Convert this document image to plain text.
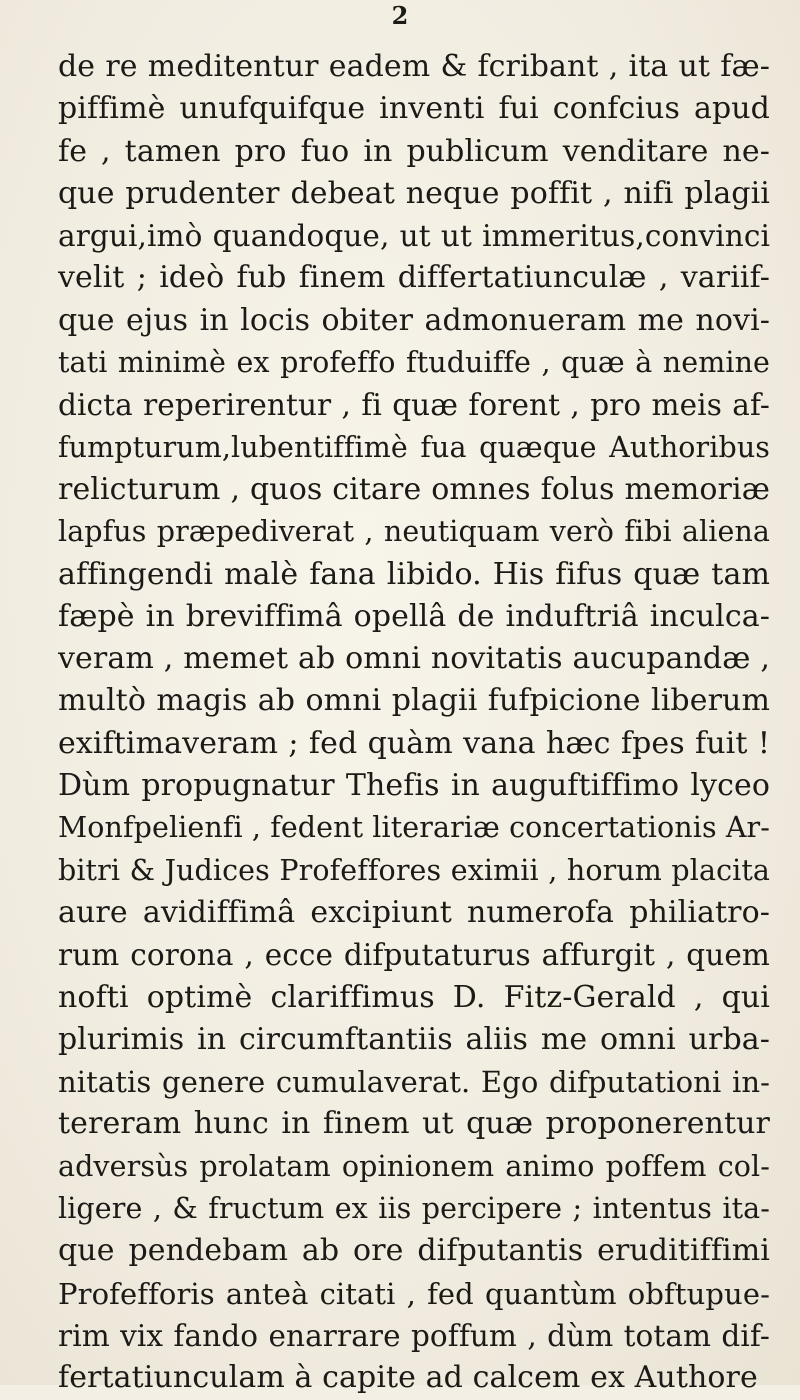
2
de re meditentur eadem & fcribant , ita ut fæ-
piffimè unufquifque inventi fui confcius apud
fe , tamen pro fuo in publicum venditare ne-
que prudenter debeat neque poffit , nifi plagii
argui,imò quandoque, ut ut immeritus,convinci
velit ; ideò fub finem differtatiunculæ , variif-
que ejus in locis obiter admonueram me novi-
tati minimè ex profeffo ftuduiffe , quæ à nemine
dicta reperirentur , fi quæ forent , pro meis af-
fumpturum,lubentiffimè fua quæque Authoribus
relicturum , quos citare omnes folus memoriæ
lapfus præpediverat , neutiquam verò fibi aliena
affingendi malè fana libido. His fifus quæ tam
fæpè in breviffimâ opellâ de induftriâ inculca-
veram , memet ab omni novitatis aucupandæ ,
multò magis ab omni plagii fufpicione liberum
exiftimaveram ; fed quàm vana hæc fpes fuit !
Dùm propugnatur Thefis in auguftiffimo lyceo
Monfpelienfi , fedent literariæ concertationis Ar-
bitri & Judices Profeffores eximii , horum placita
aure avidiffimâ excipiunt numerofa philiatro-
rum corona , ecce difputaturus affurgit , quem
nofti optimè clariffimus D. Fitz-Gerald , qui
plurimis in circumftantiis aliis me omni urba-
nitatis genere cumulaverat. Ego difputationi in-
tereram hunc in finem ut quæ proponerentur
adversùs prolatam opinionem animo poffem col-
ligere , & fructum ex iis percipere ; intentus ita-
que pendebam ab ore difputantis eruditiffimi
Profefforis anteà citati , fed quantùm obftupue-
rim vix fando enarrare poffum , dùm totam dif-
fertatiunculam à capite ad calcem ex Authore
